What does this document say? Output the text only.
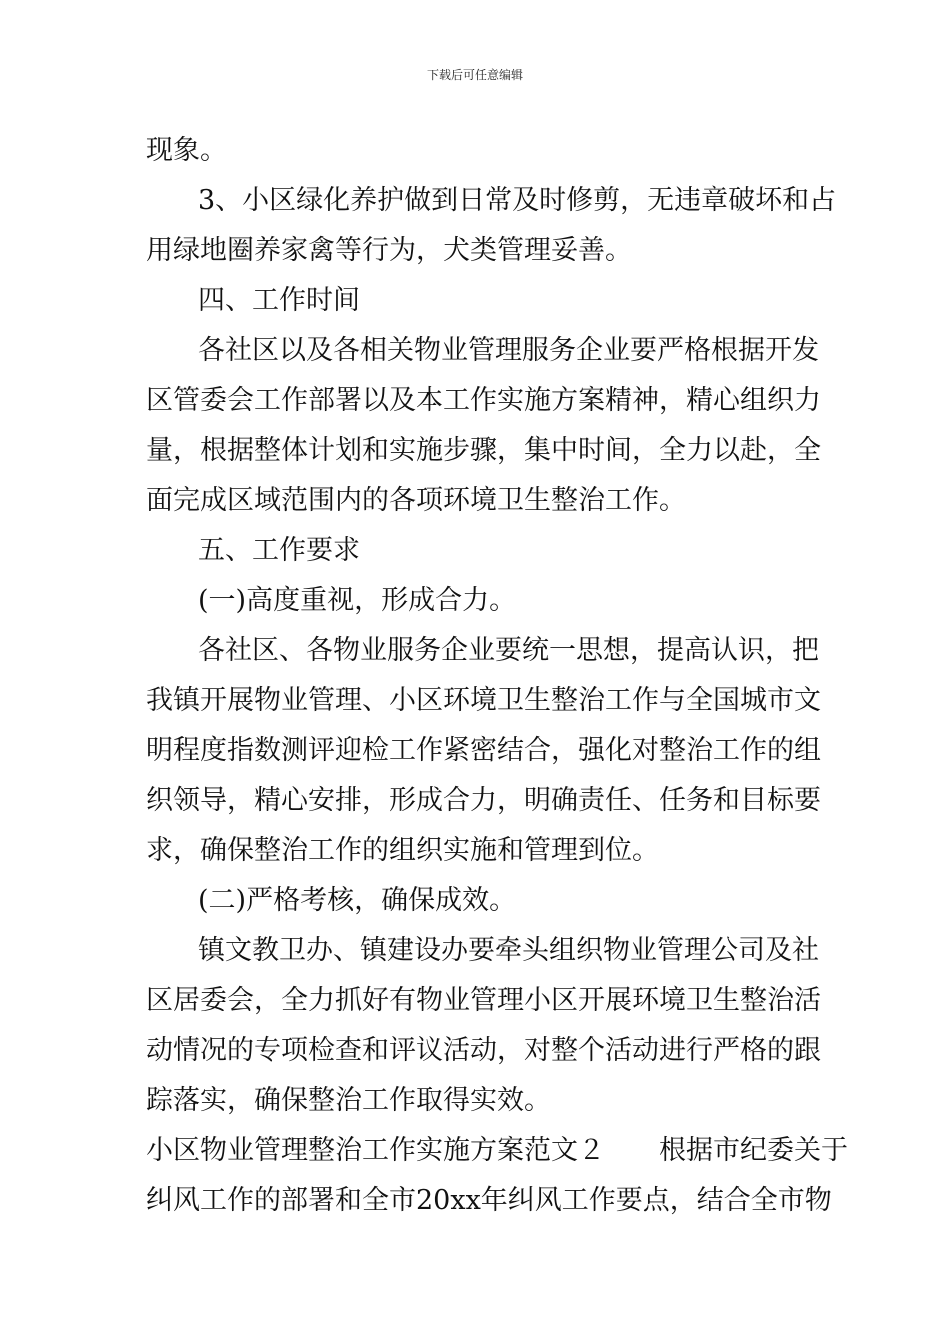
下载后可任意编辑
现象。
3、小区绿化养护做到日常及时修剪，无违章破坏和占
用绿地圈养家禽等行为，犬类管理妥善。
四、工作时间
各社区以及各相关物业管理服务企业要严格根据开发
区管委会工作部署以及本工作实施方案精神，精心组织力
量，根据整体计划和实施步骤，集中时间，全力以赴，全
面完成区域范围内的各项环境卫生整治工作。
五、工作要求
(一)高度重视，形成合力。
各社区、各物业服务企业要统一思想，提高认识，把
我镇开展物业管理、小区环境卫生整治工作与全国城市文
明程度指数测评迎检工作紧密结合，强化对整治工作的组
织领导，精心安排，形成合力，明确责任、任务和目标要
求，确保整治工作的组织实施和管理到位。
(二)严格考核，确保成效。
镇文教卫办、镇建设办要牵头组织物业管理公司及社
区居委会，全力抓好有物业管理小区开展环境卫生整治活
动情况的专项检查和评议活动，对整个活动进行严格的跟
踪落实，确保整治工作取得实效。
小区物业管理整治工作实施方案范文２　　根据市纪委关于
纠风工作的部署和全市20xx年纠风工作要点，结合全市物
